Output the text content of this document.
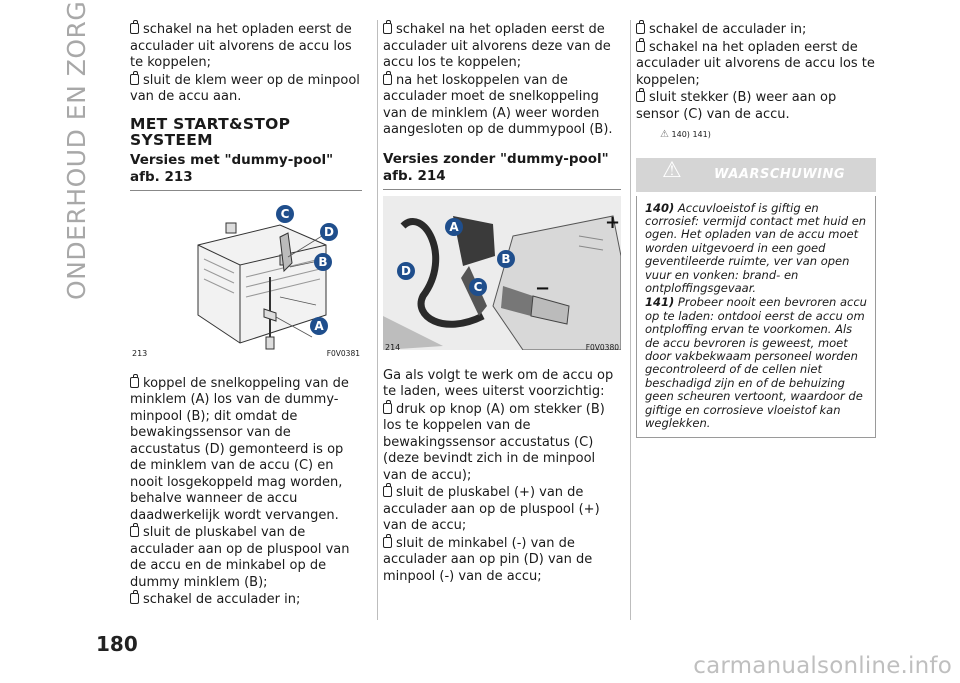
ONDERHOUD EN ZORG
180

schakel na het opladen eerst de acculader uit alvorens de accu los te koppelen;

sluit de klem weer op de minpool van de accu aan.

MET START&STOP SYSTEEM
Versies met "dummy-pool" afb. 213
C
D
B
A
213	F0V0381

koppel de snelkoppeling van de minklem (A) los van de dummy-minpool (B); dit omdat de bewakingssensor van de accustatus (D) gemonteerd is op de minklem van de accu (C) en nooit losgekoppeld mag worden, behalve wanneer de accu daadwerkelijk wordt vervangen.

sluit de pluskabel van de acculader aan op de pluspool van de accu en de minkabel op de dummy minklem (B);

schakel de acculader in;

schakel na het opladen eerst de acculader uit alvorens deze van de accu los te koppelen;

na het loskoppelen van de acculader moet de snelkoppeling van de minklem (A) weer worden aangesloten op de dummypool (B).

Versies zonder "dummy-pool" afb. 214
+
−
A
B
D
C
214	F0V0380

Ga als volgt te werk om de accu op te laden, wees uiterst voorzichtig:

druk op knop (A) om stekker (B) los te koppelen van de bewakingssensor accustatus (C) (deze bevindt zich in de minpool van de accu);

sluit de pluskabel (+) van de acculader aan op de pluspool (+) van de accu;

sluit de minkabel (-) van de acculader aan op pin (D) van de minpool (-) van de accu;

schakel de acculader in;

schakel na het opladen eerst de acculader uit alvorens de accu los te koppelen;

sluit stekker (B) weer aan op sensor (C) van de accu.

⚠ 140) 141)
⚠ WAARSCHUWING

140) Accuvloeistof is giftig en corrosief: vermijd contact met huid en ogen. Het opladen van de accu moet worden uitgevoerd in een goed geventileerde ruimte, ver van open vuur en vonken: brand- en ontploffingsgevaar.

141) Probeer nooit een bevroren accu op te laden: ontdooi eerst de accu om ontploffing ervan te voorkomen. Als de accu bevroren is geweest, moet door vakbekwaam personeel worden gecontroleerd of de cellen niet beschadigd zijn en of de behuizing geen scheuren vertoont, waardoor de giftige en corrosieve vloeistof kan weglekken.

carmanualsonline.info
